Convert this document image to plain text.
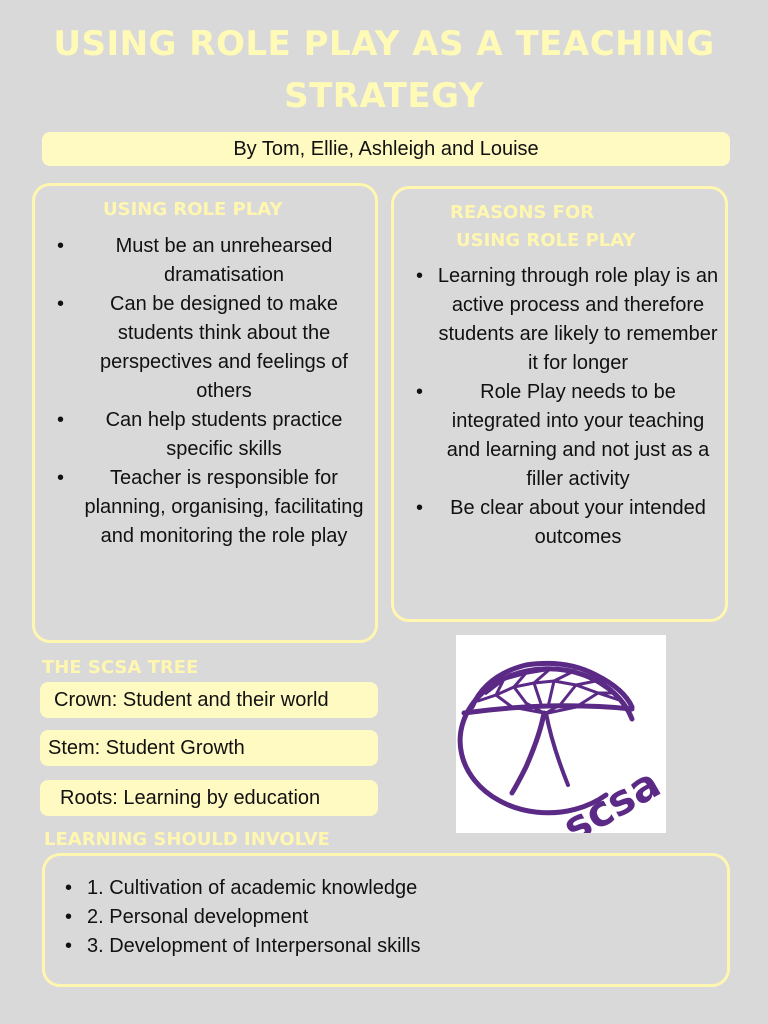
USING ROLE PLAY AS A TEACHING STRATEGY
By Tom, Ellie, Ashleigh and Louise
USING ROLE PLAY
• Must be an unrehearsed dramatisation
• Can be designed to make students think about the perspectives and feelings of others
• Can help students practice specific skills
• Teacher is responsible for planning, organising, facilitating and monitoring the role play
REASONS FOR
USING ROLE PLAY
• Learning through role play is an active process and therefore students are likely to remember it for longer
• Role Play needs to be integrated into your teaching and learning and not just as a filler activity
• Be clear about your intended outcomes
THE SCSA TREE
Crown: Student and their world
Stem: Student Growth
Roots: Learning by education	scsa
LEARNING SHOULD INVOLVE
• 1. Cultivation of academic knowledge
• 2. Personal development
• 3. Development of Interpersonal skills
